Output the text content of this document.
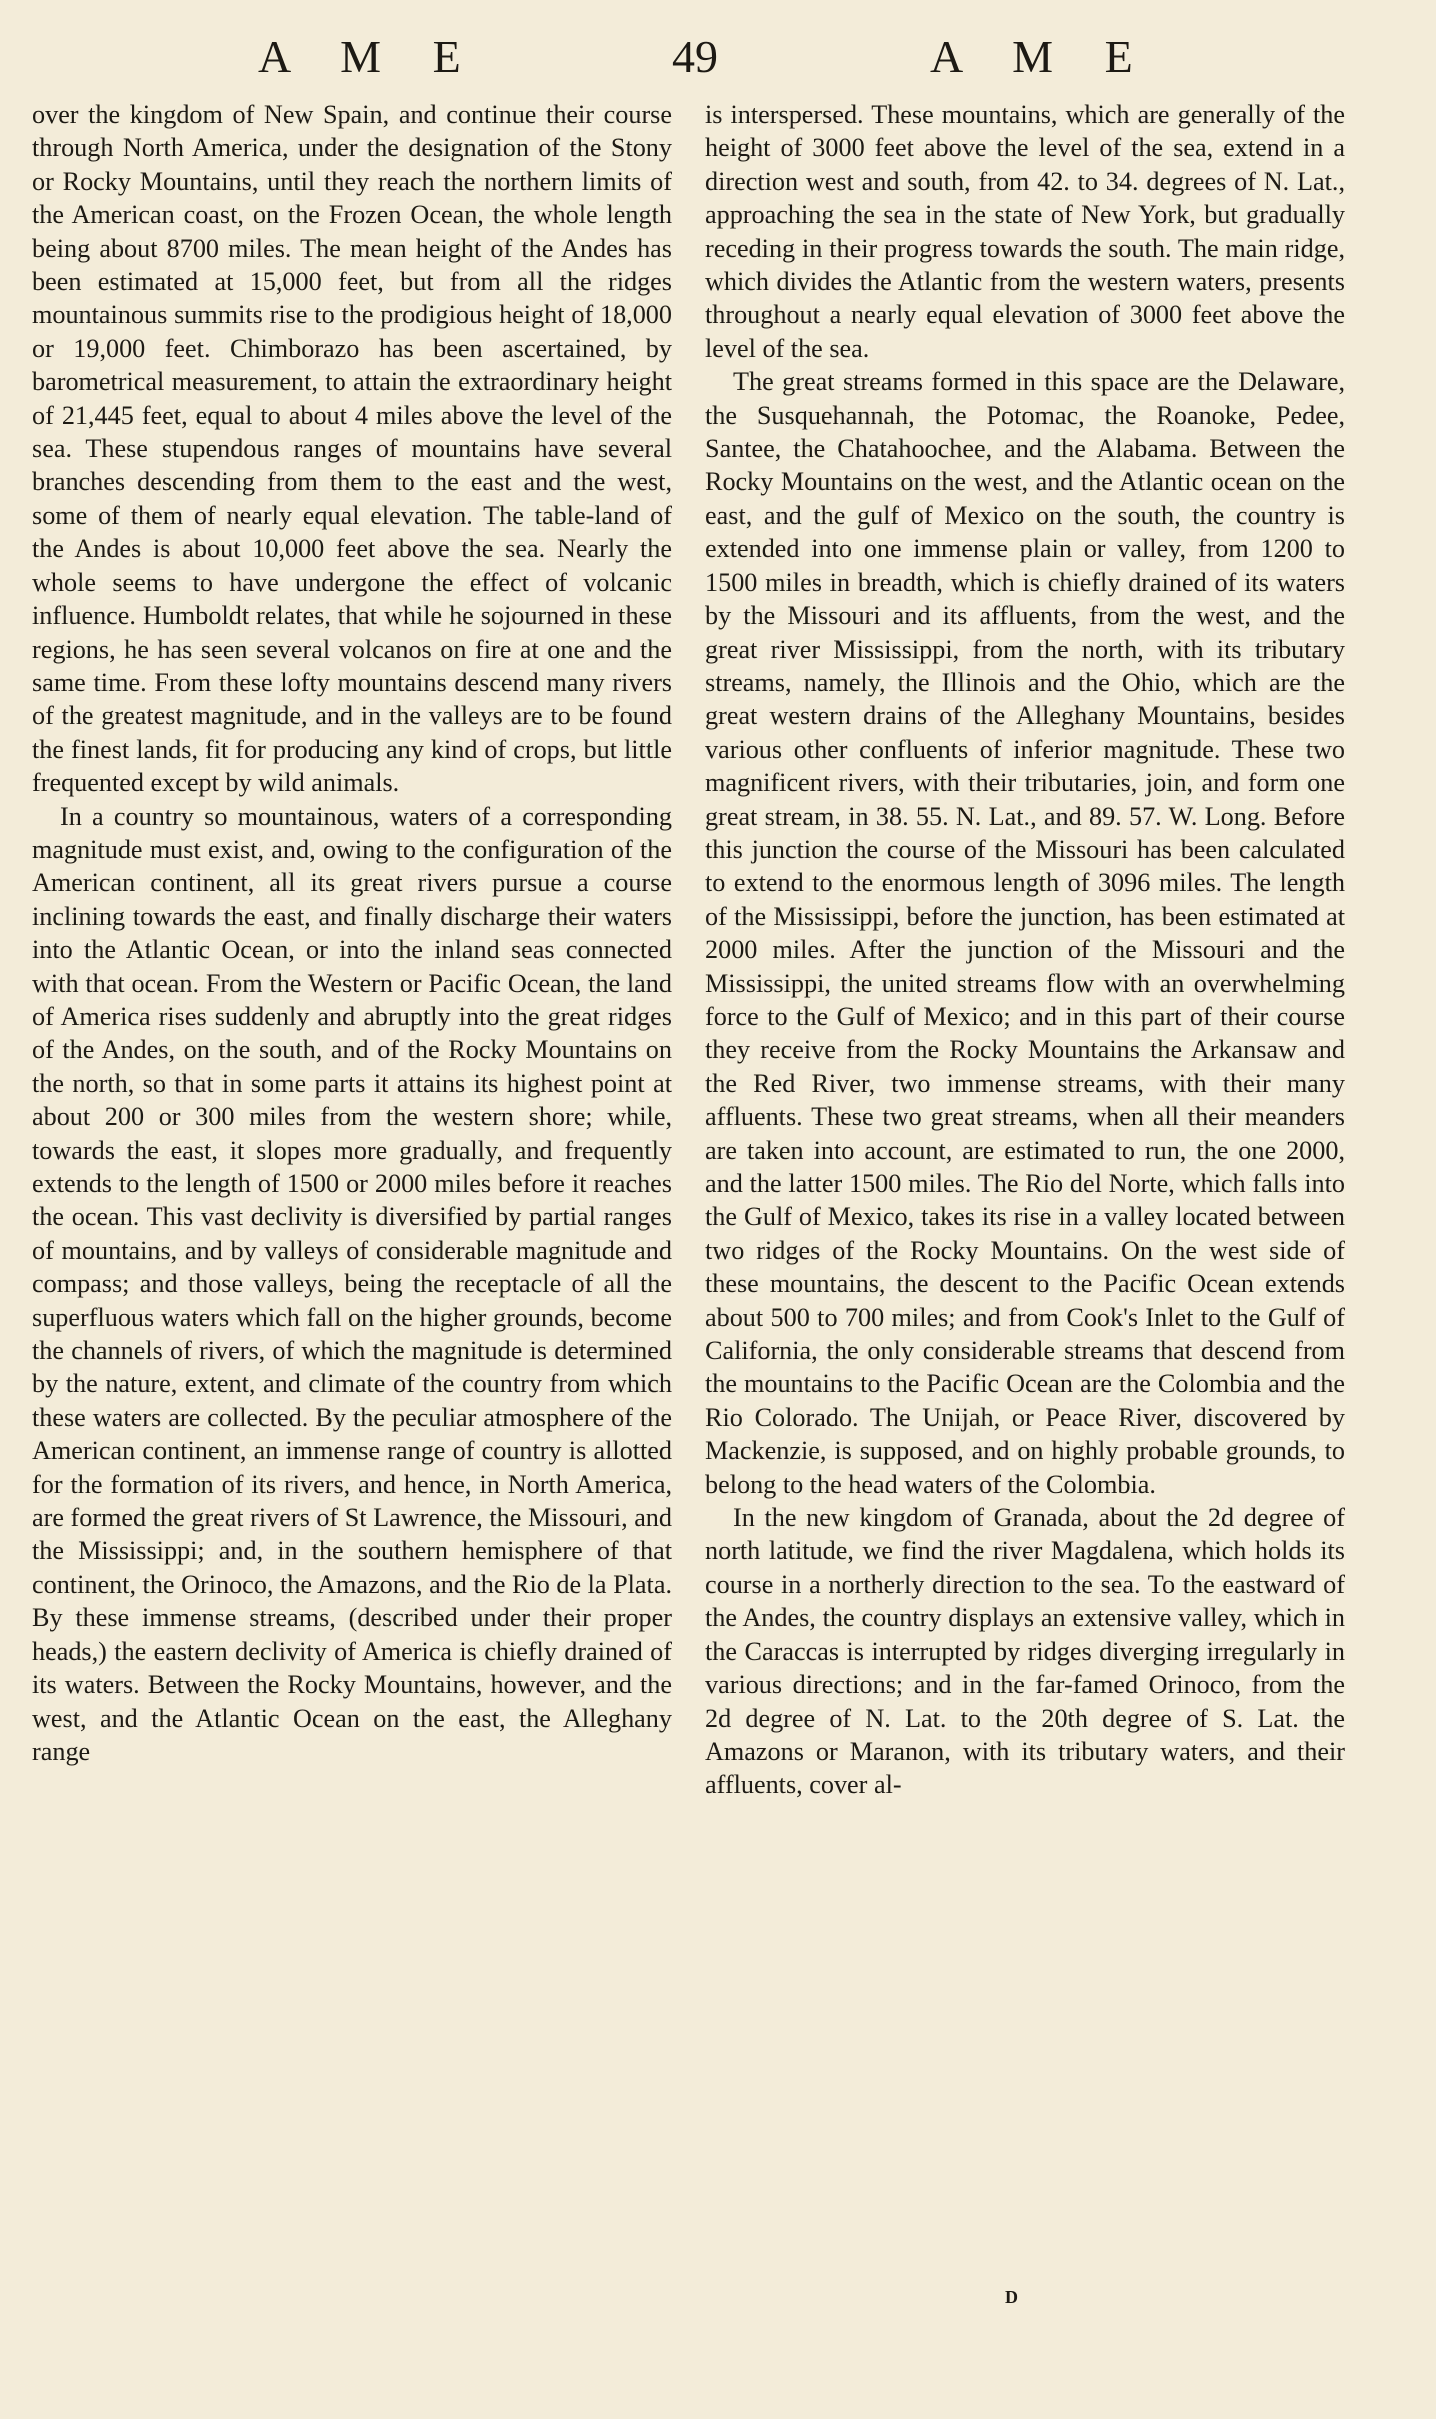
A M E	49	A M E

over the kingdom of New Spain, and continue their course through North America, under the designation of the Stony or Rocky Mountains, until they reach the northern limits of the American coast, on the Frozen Ocean, the whole length being about 8700 miles. The mean height of the Andes has been estimated at 15,000 feet, but from all the ridges mountainous summits rise to the prodigious height of 18,000 or 19,000 feet. Chimborazo has been ascertained, by barometrical measurement, to attain the extraordinary height of 21,445 feet, equal to about 4 miles above the level of the sea. These stupendous ranges of mountains have several branches descending from them to the east and the west, some of them of nearly equal elevation. The table-land of the Andes is about 10,000 feet above the sea. Nearly the whole seems to have undergone the effect of volcanic influence. Humboldt relates, that while he sojourned in these regions, he has seen several volcanos on fire at one and the same time. From these lofty mountains descend many rivers of the greatest magnitude, and in the valleys are to be found the finest lands, fit for producing any kind of crops, but little frequented except by wild animals.

In a country so mountainous, waters of a corresponding magnitude must exist, and, owing to the configuration of the American continent, all its great rivers pursue a course inclining towards the east, and finally discharge their waters into the Atlantic Ocean, or into the inland seas connected with that ocean. From the Western or Pacific Ocean, the land of America rises suddenly and abruptly into the great ridges of the Andes, on the south, and of the Rocky Mountains on the north, so that in some parts it attains its highest point at about 200 or 300 miles from the western shore; while, towards the east, it slopes more gradually, and frequently extends to the length of 1500 or 2000 miles before it reaches the ocean. This vast declivity is diversified by partial ranges of mountains, and by valleys of considerable magnitude and compass; and those valleys, being the receptacle of all the superfluous waters which fall on the higher grounds, become the channels of rivers, of which the magnitude is determined by the nature, extent, and climate of the country from which these waters are collected. By the peculiar atmosphere of the American continent, an immense range of country is allotted for the formation of its rivers, and hence, in North America, are formed the great rivers of St Lawrence, the Missouri, and the Mississippi; and, in the southern hemisphere of that continent, the Orinoco, the Amazons, and the Rio de la Plata. By these immense streams, (described under their proper heads,) the eastern declivity of America is chiefly drained of its waters. Between the Rocky Mountains, however, and the west, and the Atlantic Ocean on the east, the Alleghany range

is interspersed. These mountains, which are generally of the height of 3000 feet above the level of the sea, extend in a direction west and south, from 42. to 34. degrees of N. Lat., approaching the sea in the state of New York, but gradually receding in their progress towards the south. The main ridge, which divides the Atlantic from the western waters, presents throughout a nearly equal elevation of 3000 feet above the level of the sea.

The great streams formed in this space are the Delaware, the Susquehannah, the Potomac, the Roanoke, Pedee, Santee, the Chatahoochee, and the Alabama. Between the Rocky Mountains on the west, and the Atlantic ocean on the east, and the gulf of Mexico on the south, the country is extended into one immense plain or valley, from 1200 to 1500 miles in breadth, which is chiefly drained of its waters by the Missouri and its affluents, from the west, and the great river Mississippi, from the north, with its tributary streams, namely, the Illinois and the Ohio, which are the great western drains of the Alleghany Mountains, besides various other confluents of inferior magnitude. These two magnificent rivers, with their tributaries, join, and form one great stream, in 38. 55. N. Lat., and 89. 57. W. Long. Before this junction the course of the Missouri has been calculated to extend to the enormous length of 3096 miles. The length of the Mississippi, before the junction, has been estimated at 2000 miles. After the junction of the Missouri and the Mississippi, the united streams flow with an overwhelming force to the Gulf of Mexico; and in this part of their course they receive from the Rocky Mountains the Arkansaw and the Red River, two immense streams, with their many affluents. These two great streams, when all their meanders are taken into account, are estimated to run, the one 2000, and the latter 1500 miles. The Rio del Norte, which falls into the Gulf of Mexico, takes its rise in a valley located between two ridges of the Rocky Mountains. On the west side of these mountains, the descent to the Pacific Ocean extends about 500 to 700 miles; and from Cook's Inlet to the Gulf of California, the only considerable streams that descend from the mountains to the Pacific Ocean are the Colombia and the Rio Colorado. The Unijah, or Peace River, discovered by Mackenzie, is supposed, and on highly probable grounds, to belong to the head waters of the Colombia.

In the new kingdom of Granada, about the 2d degree of north latitude, we find the river Magdalena, which holds its course in a northerly direction to the sea. To the eastward of the Andes, the country displays an extensive valley, which in the Caraccas is interrupted by ridges diverging irregularly in various directions; and in the far-famed Orinoco, from the 2d degree of N. Lat. to the 20th degree of S. Lat. the Amazons or Maranon, with its tributary waters, and their affluents, cover al-

D
